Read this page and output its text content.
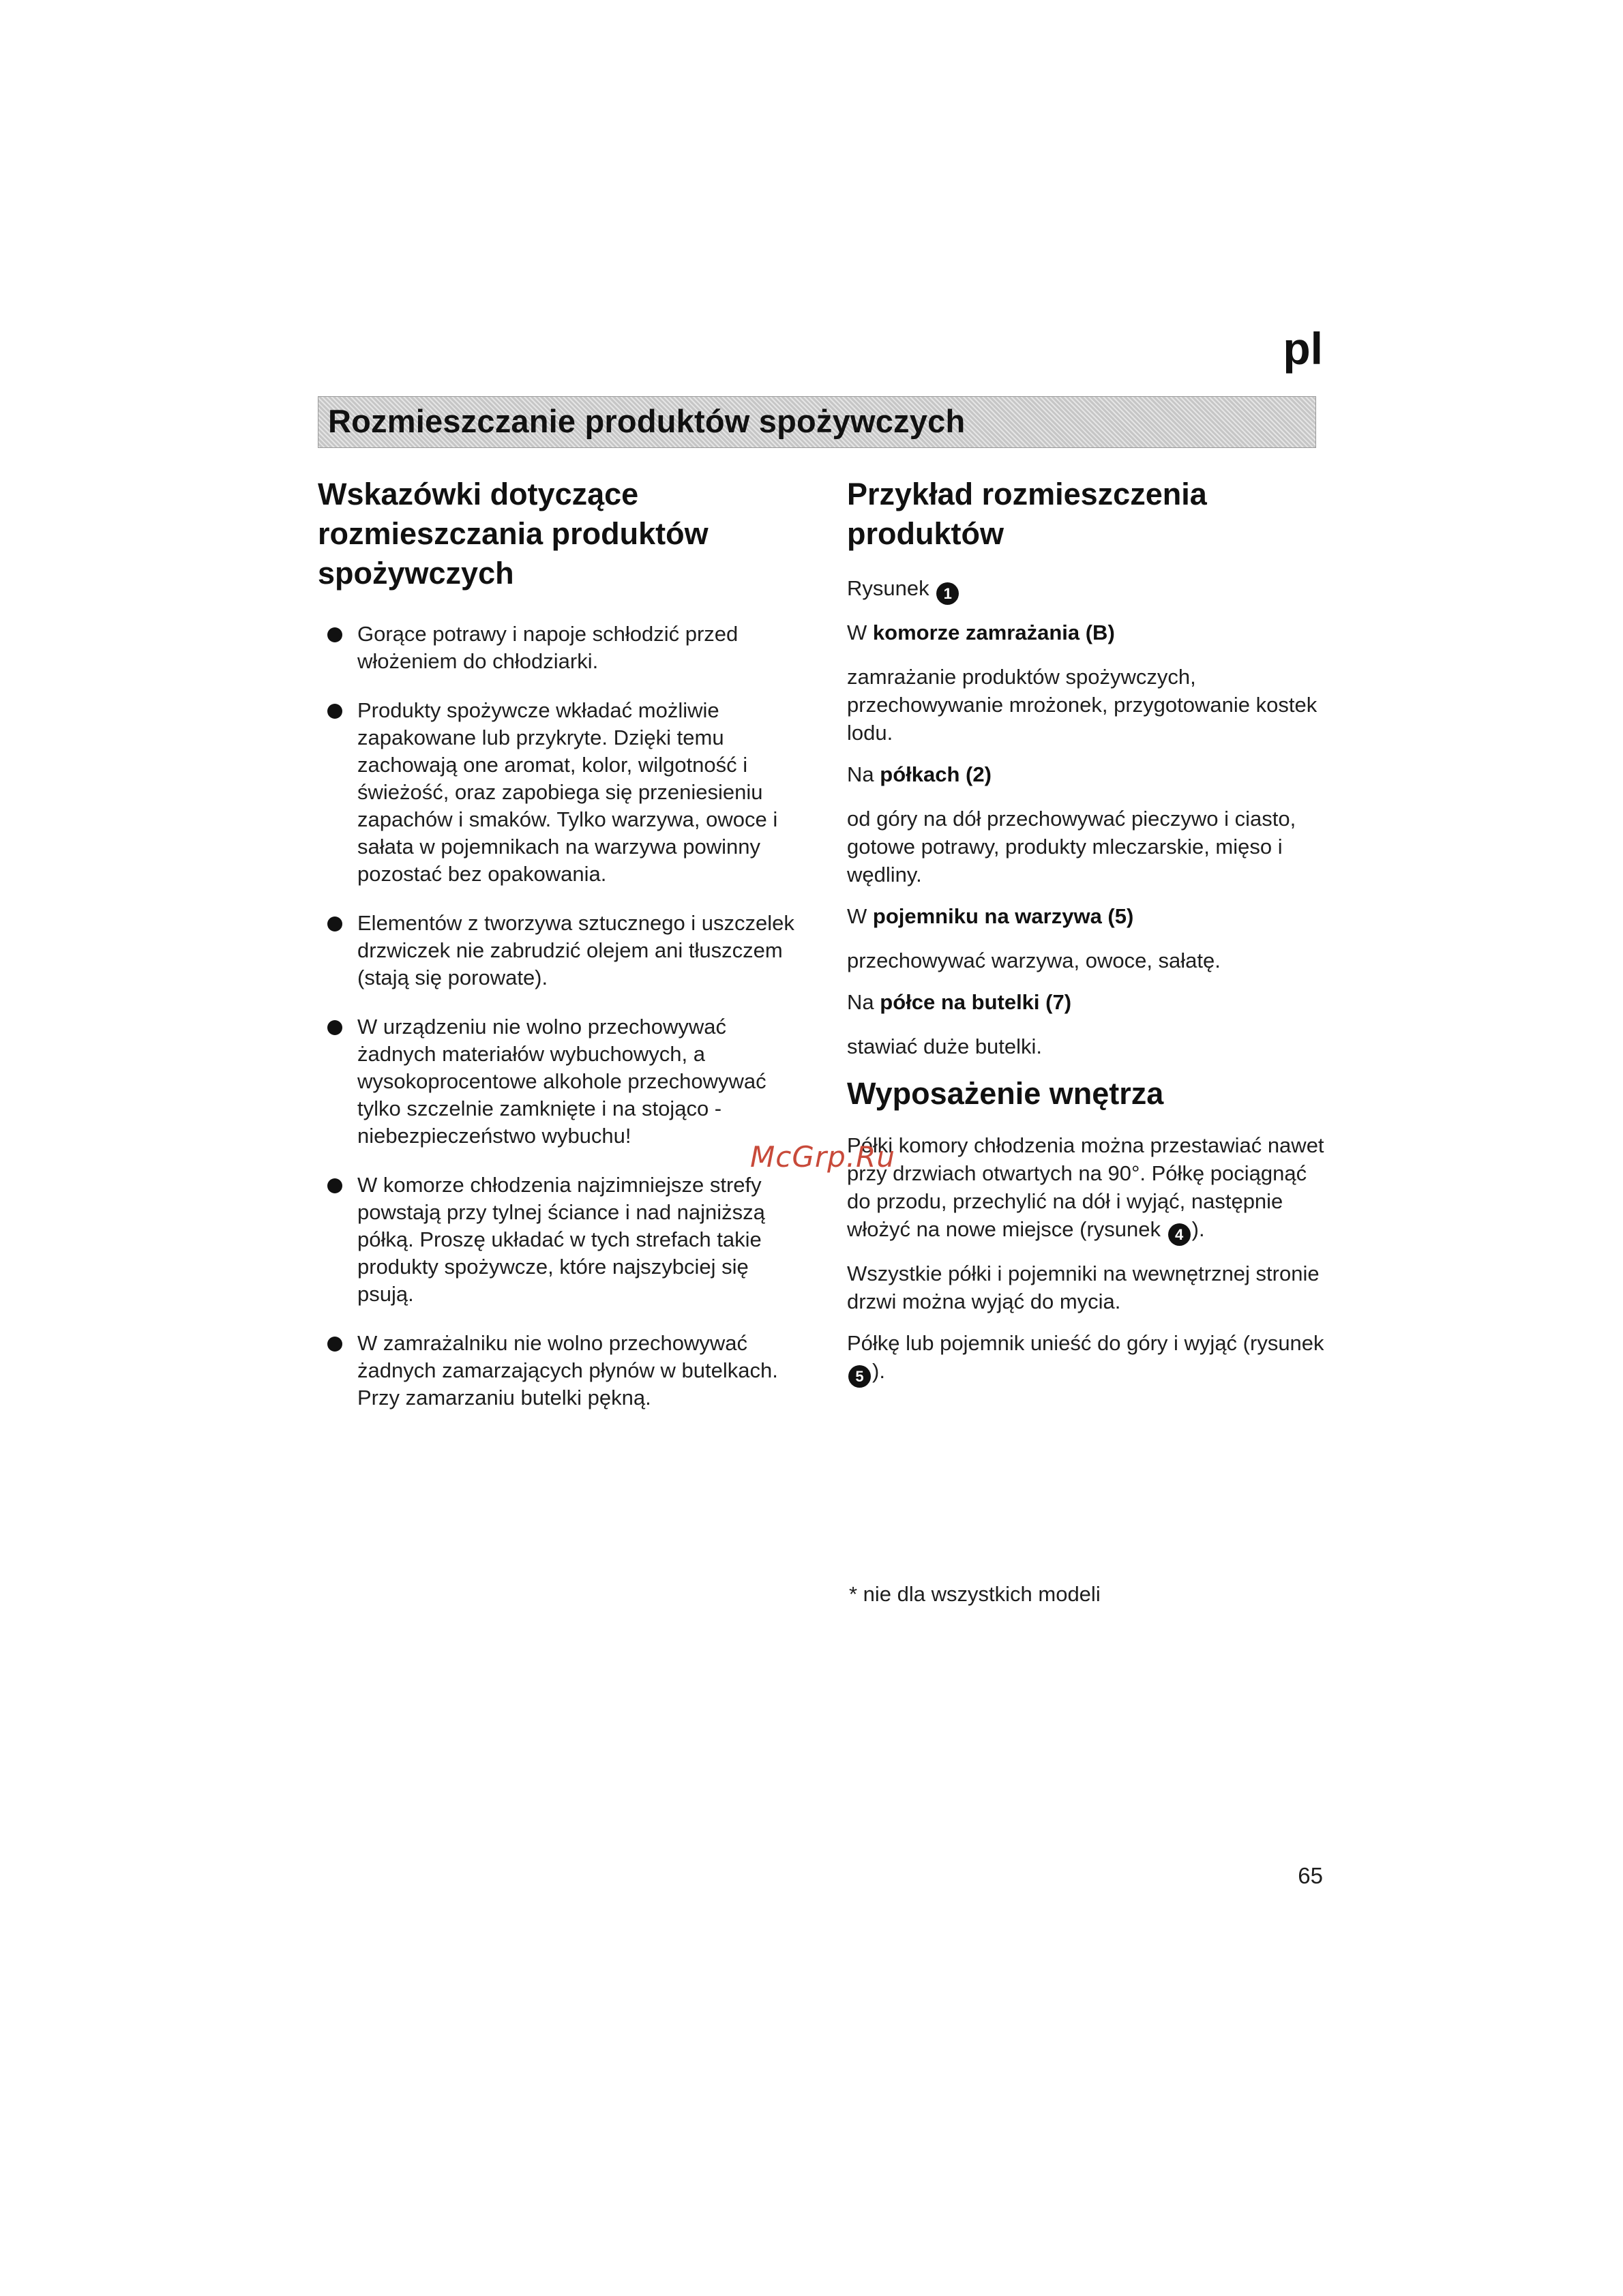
pl
Rozmieszczanie produktów spożywczych
Wskazówki dotyczące rozmieszczania produktów spożywczych
Gorące potrawy i napoje schłodzić przed włożeniem do chłodziarki.
Produkty spożywcze wkładać możliwie zapakowane lub przykryte. Dzięki temu zachowają one aromat, kolor, wilgotność i świeżość, oraz zapobiega się przeniesieniu zapachów i smaków. Tylko warzywa, owoce i sałata w pojemnikach na warzywa powinny pozostać bez opakowania.
Elementów z tworzywa sztucznego i uszczelek drzwiczek nie zabrudzić olejem ani tłuszczem (stają się porowate).
W urządzeniu nie wolno przechowywać żadnych materiałów wybuchowych, a wysokoprocentowe alkohole przechowywać tylko szczelnie zamknięte i na stojąco - niebezpieczeństwo wybuchu!
W komorze chłodzenia najzimniejsze strefy powstają przy tylnej ściance i nad najniższą półką. Proszę układać w tych strefach takie produkty spożywcze, które najszybciej się psują.
W zamrażalniku nie wolno przechowywać żadnych zamarzających płynów w butelkach. Przy zamarzaniu butelki pękną.
Przykład rozmieszczenia produktów

Rysunek 1

W komorze zamrażania (B)

zamrażanie produktów spożywczych, przechowywanie mrożonek, przygotowanie kostek lodu.

Na półkach (2)

od góry na dół przechowywać pieczywo i ciasto, gotowe potrawy, produkty mleczarskie, mięso i wędliny.

W pojemniku na warzywa (5)

przechowywać warzywa, owoce, sałatę.

Na półce na butelki (7)

stawiać duże butelki.

Wyposażenie wnętrza

Półki komory chłodzenia można przestawiać nawet przy drzwiach otwartych na 90°. Półkę pociągnąć do przodu, przechylić na dół i wyjąć, następnie włożyć na nowe miejsce (rysunek 4 ).

Wszystkie półki i pojemniki na wewnętrznej stronie drzwi można wyjąć do mycia.

Półkę lub pojemnik unieść do góry i wyjąć (rysunek5 ).

McGrp.Ru
* nie dla wszystkich modeli
65
